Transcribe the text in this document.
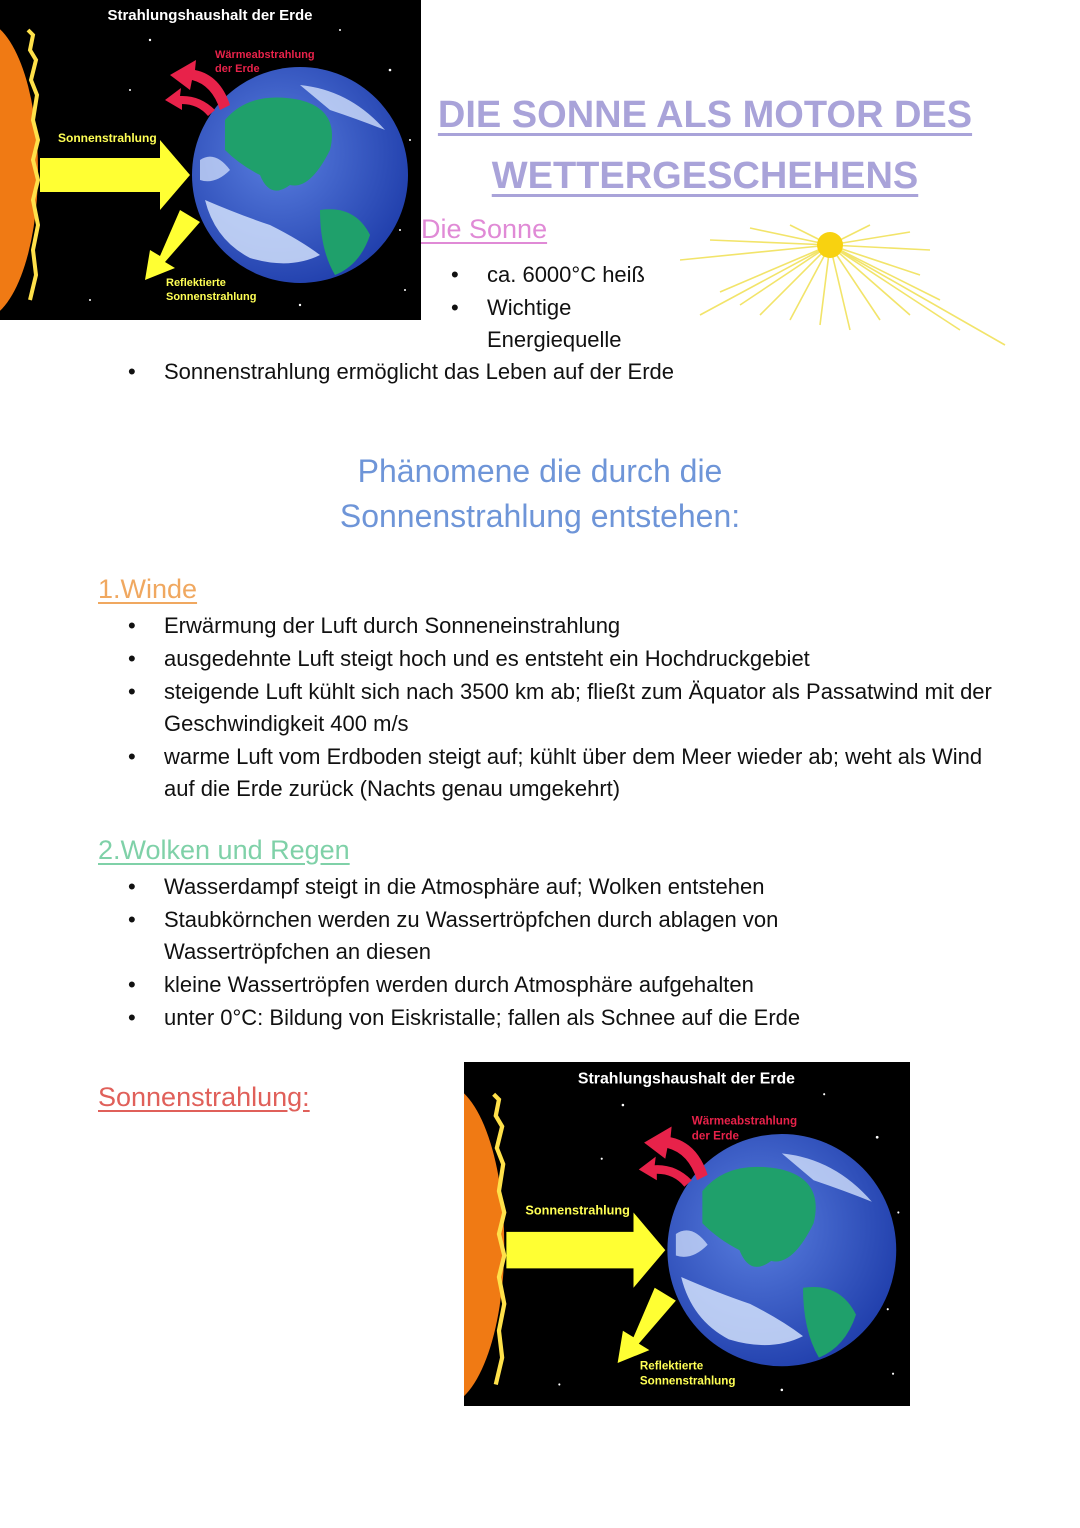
Strahlungshaushalt der Erde
Wärmeabstrahlung
der Erde
Sonnenstrahlung
Reflektierte
Sonnenstrahlung
DIE SONNE ALS MOTOR DES
WETTERGESCHEHENS
Die Sonne
• ca. 6000°C heiß
• Wichtige Energiequelle
• Sonnenstrahlung ermöglicht das Leben auf der Erde
Phänomene die durch die
Sonnenstrahlung entstehen:
1.Winde
• Erwärmung der Luft durch Sonneneinstrahlung
• ausgedehnte Luft steigt hoch und es entsteht ein Hochdruckgebiet
• steigende Luft kühlt sich nach 3500 km ab; fließt zum Äquator als Passatwind mit der Geschwindigkeit 400 m/s
• warme Luft vom Erdboden steigt auf; kühlt über dem Meer wieder ab; weht als Wind auf die Erde zurück (Nachts genau umgekehrt)
2.Wolken und Regen
• Wasserdampf steigt in die Atmosphäre auf; Wolken entstehen
• Staubkörnchen werden zu Wassertröpfchen durch ablagen von Wassertröpfchen an diesen
• kleine Wassertröpfen werden durch Atmosphäre aufgehalten
• unter 0°C: Bildung von Eiskristalle; fallen als Schnee auf die Erde
Sonnenstrahlung:
Strahlungshaushalt der Erde
Wärmeabstrahlung
der Erde
Sonnenstrahlung
Reflektierte
Sonnenstrahlung
